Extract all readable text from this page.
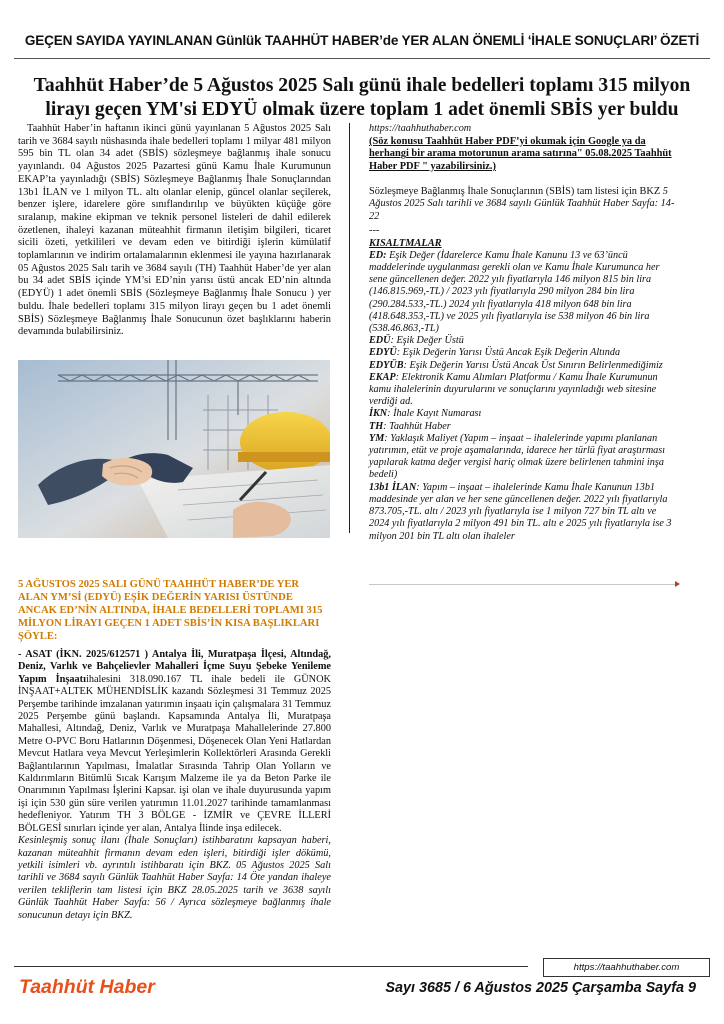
GEÇEN SAYIDA YAYINLANAN Günlük TAAHHÜT HABER’de YER ALAN ÖNEMLİ ‘İHALE SONUÇLARI’ ÖZETİ
Taahhüt Haber’de 5 Ağustos 2025 Salı günü ihale bedelleri toplamı 315 milyon
lirayı geçen YM'si EDYÜ olmak üzere toplam 1 adet önemli SBİS yer buldu

Taahhüt Haber’in haftanın ikinci günü yayınlanan 5 Ağustos 2025 Salı tarih ve 3684 sayılı nüshasında ihale bedelleri toplamı 1 milyar 481 milyon 595 bin TL olan 34 adet (SBİS) sözleşmeye bağlanmış ihale sonucu yayınlandı. 04 Ağustos 2025 Pazartesi günü Kamu İhale Kurumunun EKAP’ta yayınladığı (SBİS) Sözleşmeye Bağlanmış İhale Sonuçlarından 13b1 İLAN ve 1 milyon TL. altı olanlar elenip, güncel olanlar seçilerek, benzer işlere, idarelere göre sınıflandırılıp ve büyükten küçüğe göre sıralanıp, makine ekipman ve teknik personel listeleri de dahil edilerek özetlenen, ihaleyi kazanan müteahhit firmanın iletişim bilgileri, ticaret sicili özeti, yetkilileri ve devam eden ve bitirdiği işlerin kümülatif toplamlarının ve indirim ortalamalarının eklenmesi ile yayına hazırlanarak 05 Ağustos 2025 Salı tarih ve 3684 sayılı (TH) Taahhüt Haber’de yer alan bu 34 adet SBİS içinde YM’si ED’nin yarısı üstü ancak ED’nin altında (EDYÜ) 1 adet önemli SBİS (Sözleşmeye Bağlanmış İhale Sonucu ) yer buldu. İhale bedelleri toplamı 315 milyon lirayı geçen bu 1 adet önemli SBİS) Sözleşmeye Bağlanmış İhale Sonucunun özet başlıklarını haberin devamında bulabilirsiniz.

5 AĞUSTOS 2025 SALI GÜNÜ TAAHHÜT HABER’DE YER ALAN YM’Sİ (EDYÜ) EŞİK DEĞERİN YARISI ÜSTÜNDE ANCAK ED’NİN ALTINDA, İHALE BEDELLERİ TOPLAMI 315 MİLYON LİRAYI GEÇEN 1 ADET SBİS’İN KISA BAŞLIKLARI ŞÖYLE:

- ASAT (İKN. 2025/612571 ) Antalya İli, Muratpaşa İlçesi, Altındağ, Deniz, Varlık ve Bahçelievler Mahalleri İçme Suyu Şebeke Yenileme Yapım İnşaatıihalesini 318.090.167 TL ihale bedeli ile GÜNOK İNŞAAT+ALTEK MÜHENDİSLİK kazandı Sözleşmesi 31 Temmuz 2025 Perşembe tarihinde imzalanan yatırımın inşaatı için çalışmalara 31 Temmuz 2025 Perşembe günü başlandı. Kapsamında Antalya İli, Muratpaşa Mahallesi, Altındağ, Deniz, Varlık ve Muratpaşa Mahallelerinde 27.800 Metre O-PVC Boru Hatlarının Döşenmesi, Döşenecek Olan Yeni Hatlardan Mevcut Hatlara veya Mevcut Yerleşimlerin Kollektörleri Arasında Gerekli Bağlantılarının Yapılması, İmalatlar Sırasında Tahrip Olan Yolların ve Kaldırımların Bitümlü Sıcak Karışım Malzeme ile ya da Beton Parke ile Onarımının Yapılması İşlerini Kapsar. işi olan ve ihale duyurusunda yapım işi için 530 gün süre verilen yatırımın 11.01.2027 tarihinde tamamlanması hedefleniyor. Yatırım TH 3 BÖLGE - İZMİR ve ÇEVRE İLLERİ BÖLGESİ sınırları içinde yer alan, Antalya İlinde inşa edilecek.

Kesinleşmiş sonuç ilanı (İhale Sonuçları) istihbaratını kapsayan haberi, kazanan müteahhit firmanın devam eden işleri, bitirdiği işler dökümü, yetkili isimleri vb. ayrıntılı istihbaratı için BKZ. 05 Ağustos 2025 Salı tarihli ve 3684 sayılı Günlük Taahhüt Haber Sayfa: 14 Öte yandan ihaleye verilen tekliflerin tam listesi için BKZ 28.05.2025 tarih ve 3638 sayılı Günlük Taahhüt Haber Sayfa: 56 / Ayrıca sözleşmeye bağlanmış ihale sonucunun detayı için BKZ.

https://taahhuthaber.com
(Söz konusu Taahhüt Haber PDF’yi okumak için Google ya da herhangi bir arama motorunun arama satırına" 05.08.2025 Taahhüt Haber PDF " yazabilirsiniz.)
Sözleşmeye Bağlanmış İhale Sonuçlarının (SBİS) tam listesi için BKZ 5 Ağustos 2025 Salı tarihli ve 3684 sayılı Günlük Taahhüt Haber Sayfa: 14-22
---
KISALTMALAR
ED: Eşik Değer (İdarelerce Kamu İhale Kanunu 13 ve 63’üncü maddelerinde uygulanması gerekli olan ve Kamu İhale Kurumunca her sene güncellenen değer. 2022 yılı fiyatlarıyla 146 milyon 815 bin lira (146.815.969,-TL) / 2023 yılı fiyatlarıyla 290 milyon 284 bin lira (290.284.533,-TL.) 2024 yılı fiyatlarıyla 418 milyon 648 bin lira (418.648.353,-TL) ve 2025 yılı fiyatlarıyla ise 538 milyon 46 bin lira (538.46.863,-TL)
EDÜ: Eşik Değer Üstü
EDYÜ: Eşik Değerin Yarısı Üstü Ancak Eşik Değerin Altında
EDYÜB: Eşik Değerin Yarısı Üstü Ancak Üst Sınırın Belirlenmediğimiz
EKAP: Elektronik Kamu Alımları Platformu / Kamu İhale Kurumunun kamu ihalelerinin duyurularını ve sonuçlarını yayınladığı web sitesine verdiği ad.
İKN: İhale Kayıt Numarası
TH: Taahhüt Haber
YM: Yaklaşık Maliyet (Yapım – inşaat – ihalelerinde yapımı planlanan yatırımın, etüt ve proje aşamalarında, idarece her türlü fiyat araştırması yapılarak katma değer vergisi hariç olmak üzere belirlenen tahmini inşa bedeli)
13b1 İLAN: Yapım – inşaat – ihalelerinde Kamu İhale Kanunun 13b1 maddesinde yer alan ve her sene güncellenen değer. 2022 yılı fiyatlarıyla 873.705,-TL. altı / 2023 yılı fiyatlarıyla ise 1 milyon 727 bin TL altı ve 2024 yılı fiyatlarıyla 2 milyon 491 bin TL. altı e 2025 yılı fiyatlarıyla ise 3 milyon 201 bin TL altı olan ihaleler
https://taahhuthaber.com
Taahhüt Haber	Sayı 3685 / 6 Ağustos 2025 Çarşamba Sayfa 9
